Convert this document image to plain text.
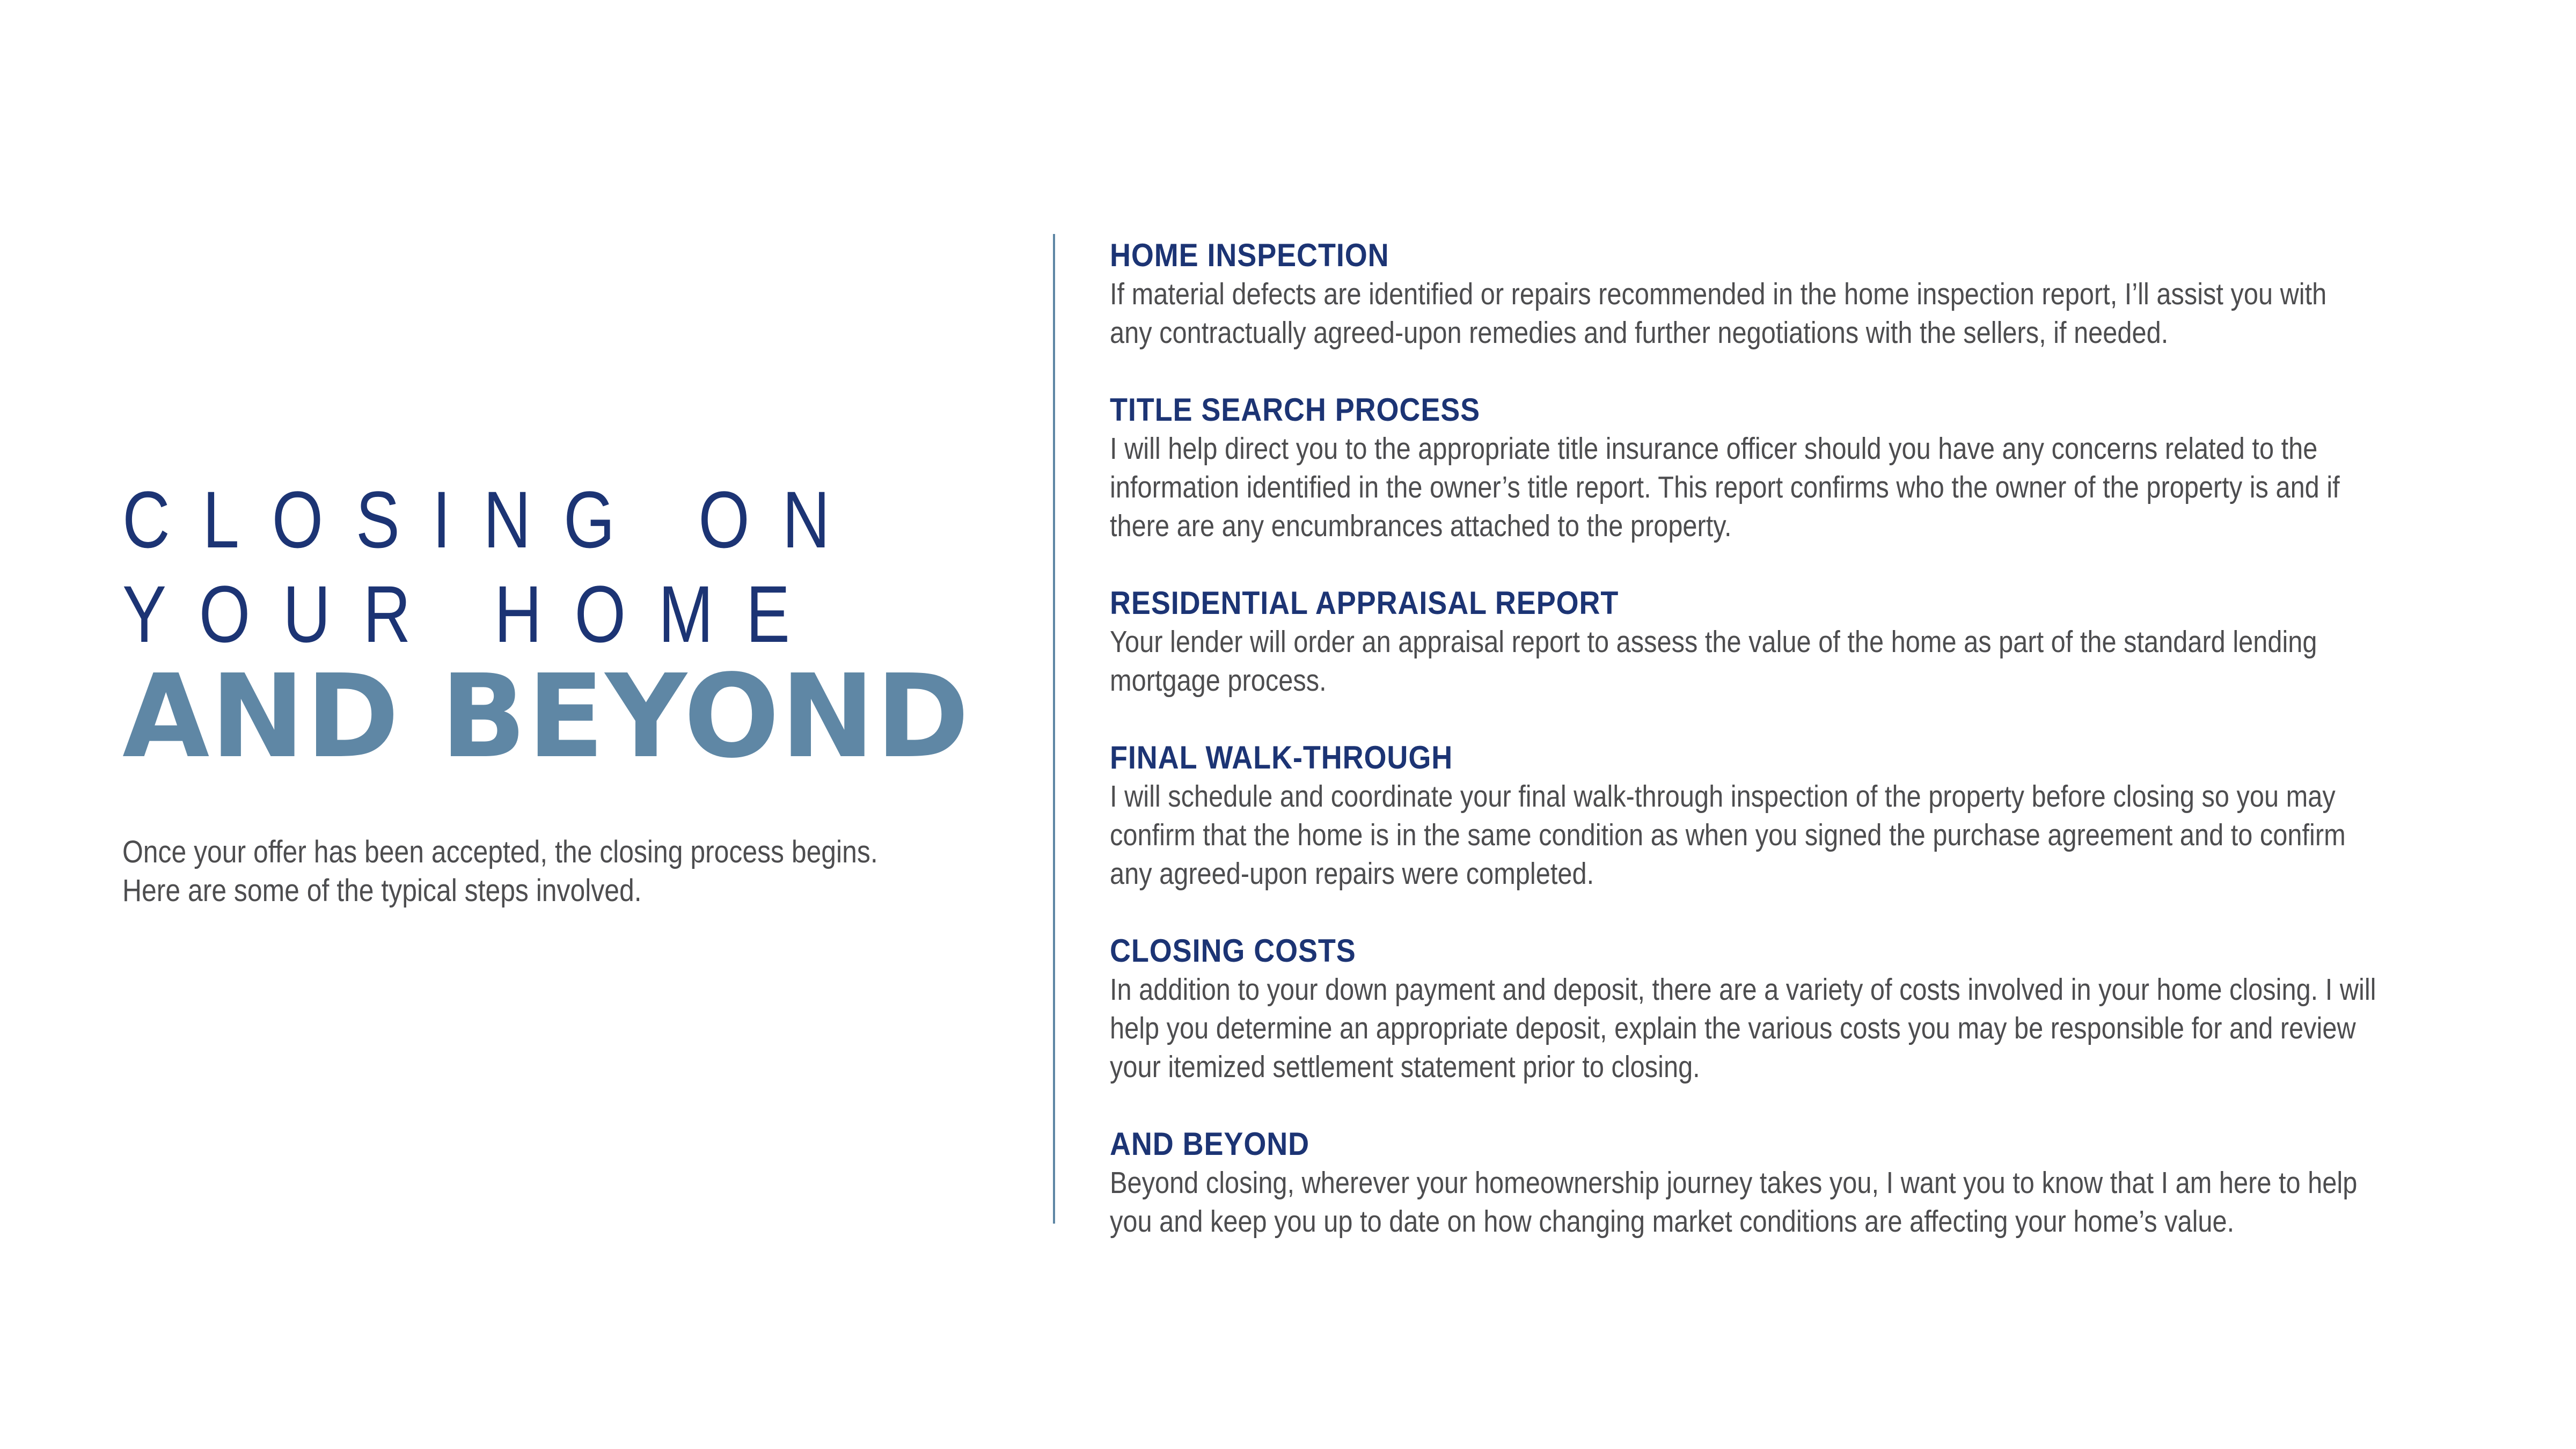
CLOSING ON
YOUR HOME
AND BEYOND
Once your offer has been accepted, the closing process begins.
Here are some of the typical steps involved.
HOME INSPECTION
If material defects are identified or repairs recommended in the home inspection report, I’ll assist you with
any contractually agreed-upon remedies and further negotiations with the sellers, if needed.
TITLE SEARCH PROCESS
I will help direct you to the appropriate title insurance officer should you have any concerns related to the
information identified in the owner’s title report. This report confirms who the owner of the property is and if
there are any encumbrances attached to the property.
RESIDENTIAL APPRAISAL REPORT
Your lender will order an appraisal report to assess the value of the home as part of the standard lending
mortgage process.
FINAL WALK-THROUGH
I will schedule and coordinate your final walk-through inspection of the property before closing so you may
confirm that the home is in the same condition as when you signed the purchase agreement and to confirm
any agreed-upon repairs were completed.
CLOSING COSTS
In addition to your down payment and deposit, there are a variety of costs involved in your home closing. I will
help you determine an appropriate deposit, explain the various costs you may be responsible for and review
your itemized settlement statement prior to closing.
AND BEYOND
Beyond closing, wherever your homeownership journey takes you, I want you to know that I am here to help
you and keep you up to date on how changing market conditions are affecting your home’s value.
